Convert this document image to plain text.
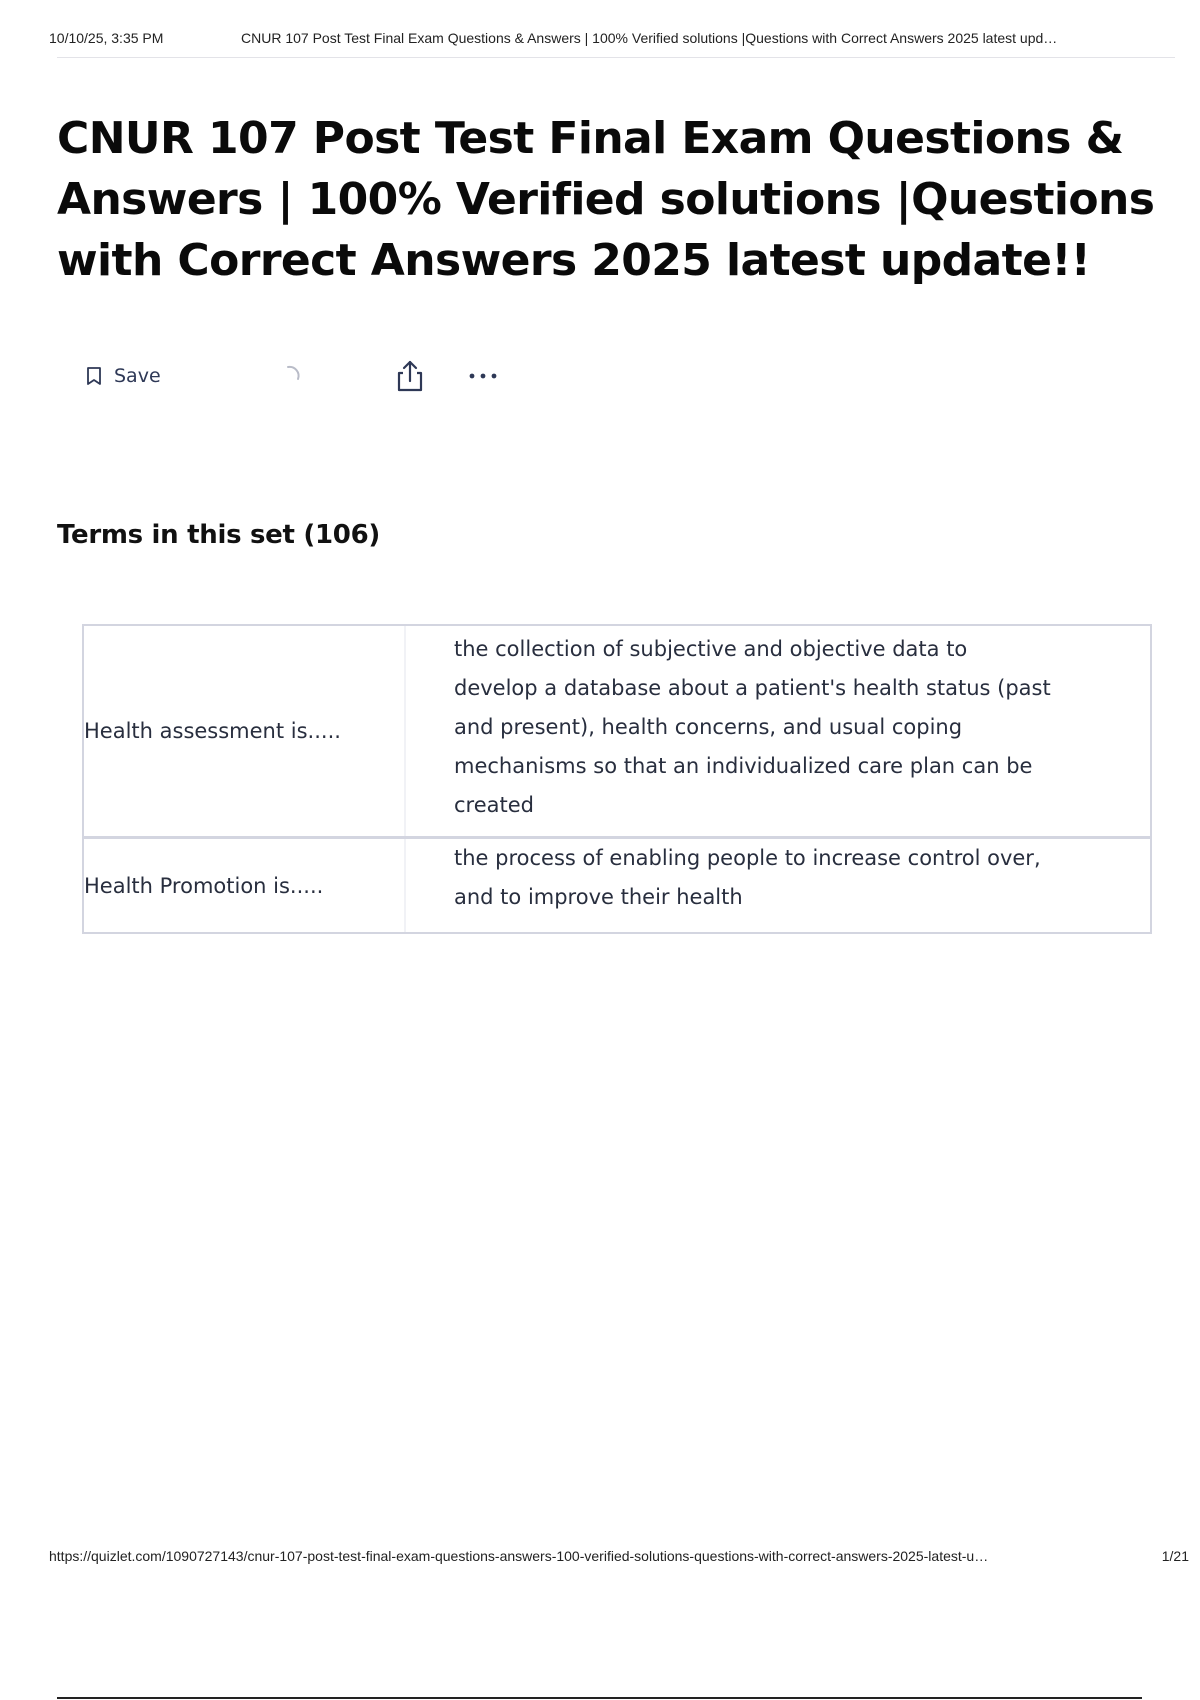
10/10/25, 3:35 PM	CNUR 107 Post Test Final Exam Questions & Answers | 100% Verified solutions |Questions with Correct Answers 2025 latest upd…
CNUR 107 Post Test Final Exam Questions & Answers | 100% Verified solutions |Questions with Correct Answers 2025 latest update!!
Save
Terms in this set (106)
Health assessment is.....
the collection of subjective and objective data to develop a database about a patient's health status (past and present), health concerns, and usual coping mechanisms so that an individualized care plan can be created
Health Promotion is.....
the process of enabling people to increase control over, and to improve their health
https://quizlet.com/1090727143/cnur-107-post-test-final-exam-questions-answers-100-verified-solutions-questions-with-correct-answers-2025-latest-u…	1/21
